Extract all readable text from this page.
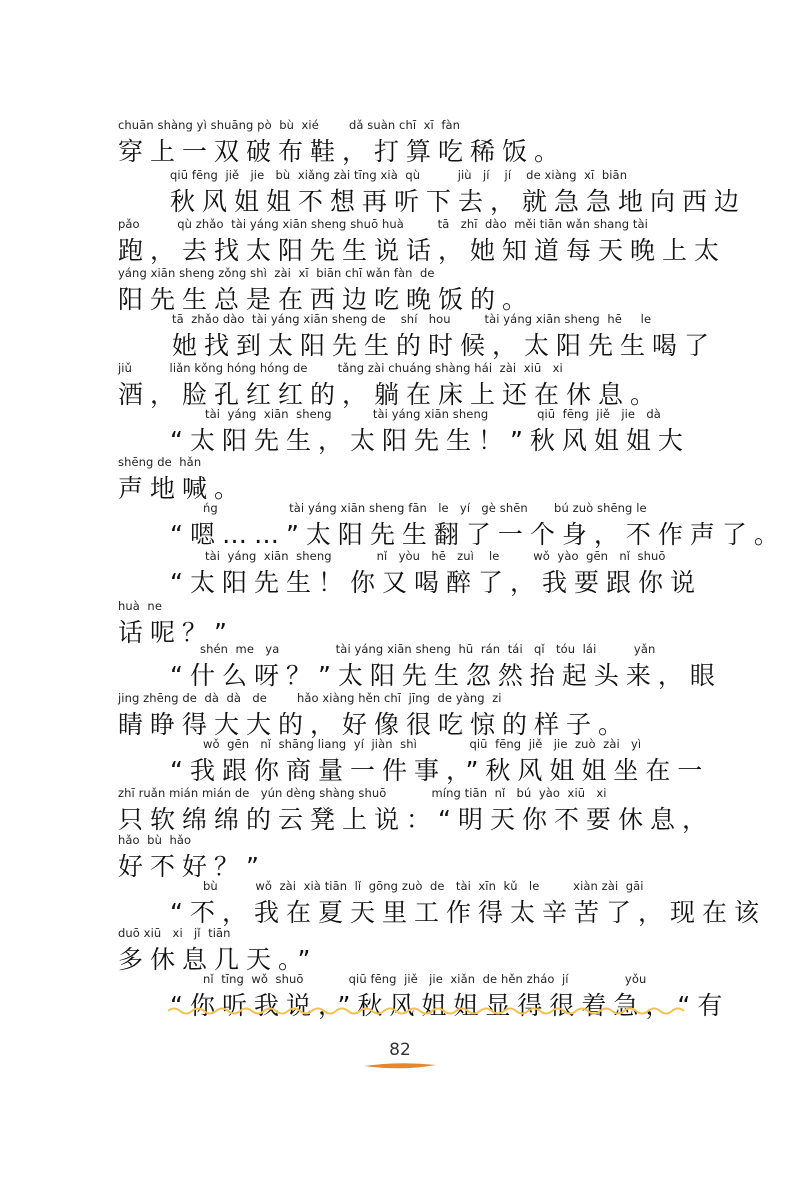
chuān shàng yì shuāng pò  bù  xié        dǎ suàn chī  xī  fàn
穿上一双破布鞋，打算吃稀饭。
qiū fēng  jiě   jie   bù  xiǎng zài tīng xià  qù          jiù   jí    jí    de xiàng  xī  biān
秋风姐姐不想再听下去，就急急地向西边
pǎo          qù zhǎo  tài yáng xiān sheng shuō huà         tā   zhī  dào  měi tiān wǎn shang tài
跑，去找太阳先生说话，她知道每天晚上太
yáng xiān sheng zǒng shì  zài  xī  biān chī wǎn fàn  de
阳先生总是在西边吃晚饭的。
tā  zhǎo dào  tài yáng xiān sheng de    shí   hou         tài yáng xiān sheng  hē     le
她找到太阳先生的时候，太阳先生喝了
jiǔ          liǎn kǒng hóng hóng de        tǎng zài chuáng shàng hái  zài  xiū   xi
酒，脸孔红红的，躺在床上还在休息。
tài  yáng  xiān  sheng           tài yáng xiān sheng             qiū  fēng  jiě   jie   dà
“太阳先生，太阳先生！”秋风姐姐大
shēng de  hǎn
声地喊。
ńg                   tài yáng xiān sheng fān   le   yí   gè shēn       bú zuò shēng le
“嗯……”太阳先生翻了一个身，不作声了。
tài  yáng  xiān  sheng            nǐ   yòu   hē   zuì    le         wǒ  yào  gēn   nǐ  shuō
“太阳先生！你又喝醉了，我要跟你说
huà  ne
话呢？”
shén  me   ya               tài yáng xiān sheng  hū  rán  tái   qǐ   tóu  lái          yǎn
“什么呀？”太阳先生忽然抬起头来，眼
jing zhēng de  dà  dà   de        hǎo xiàng hěn chī  jīng  de yàng  zi
睛睁得大大的，好像很吃惊的样子。
wǒ  gēn   nǐ  shāng liang  yí  jiàn  shì              qiū  fēng  jiě   jie  zuò  zài   yì
“我跟你商量一件事，”秋风姐姐坐在一
zhī ruǎn mián mián de   yún dèng shàng shuō            míng tiān  nǐ   bú  yào  xiū   xi
只软绵绵的云凳上说：“明天你不要休息，
hǎo  bù  hǎo
好不好？”
bù          wǒ  zài  xià tiān  lǐ  gōng zuò  de   tài  xīn  kǔ   le         xiàn zài  gāi
“不，我在夏天里工作得太辛苦了，现在该
duō xiū   xi   jǐ  tiān
多休息几天。”
nǐ  tīng  wǒ  shuō            qiū fēng  jiě   jie  xiǎn  de hěn zháo  jí               yǒu
“你听我说，”秋风姐姐显得很着急，“有
82
